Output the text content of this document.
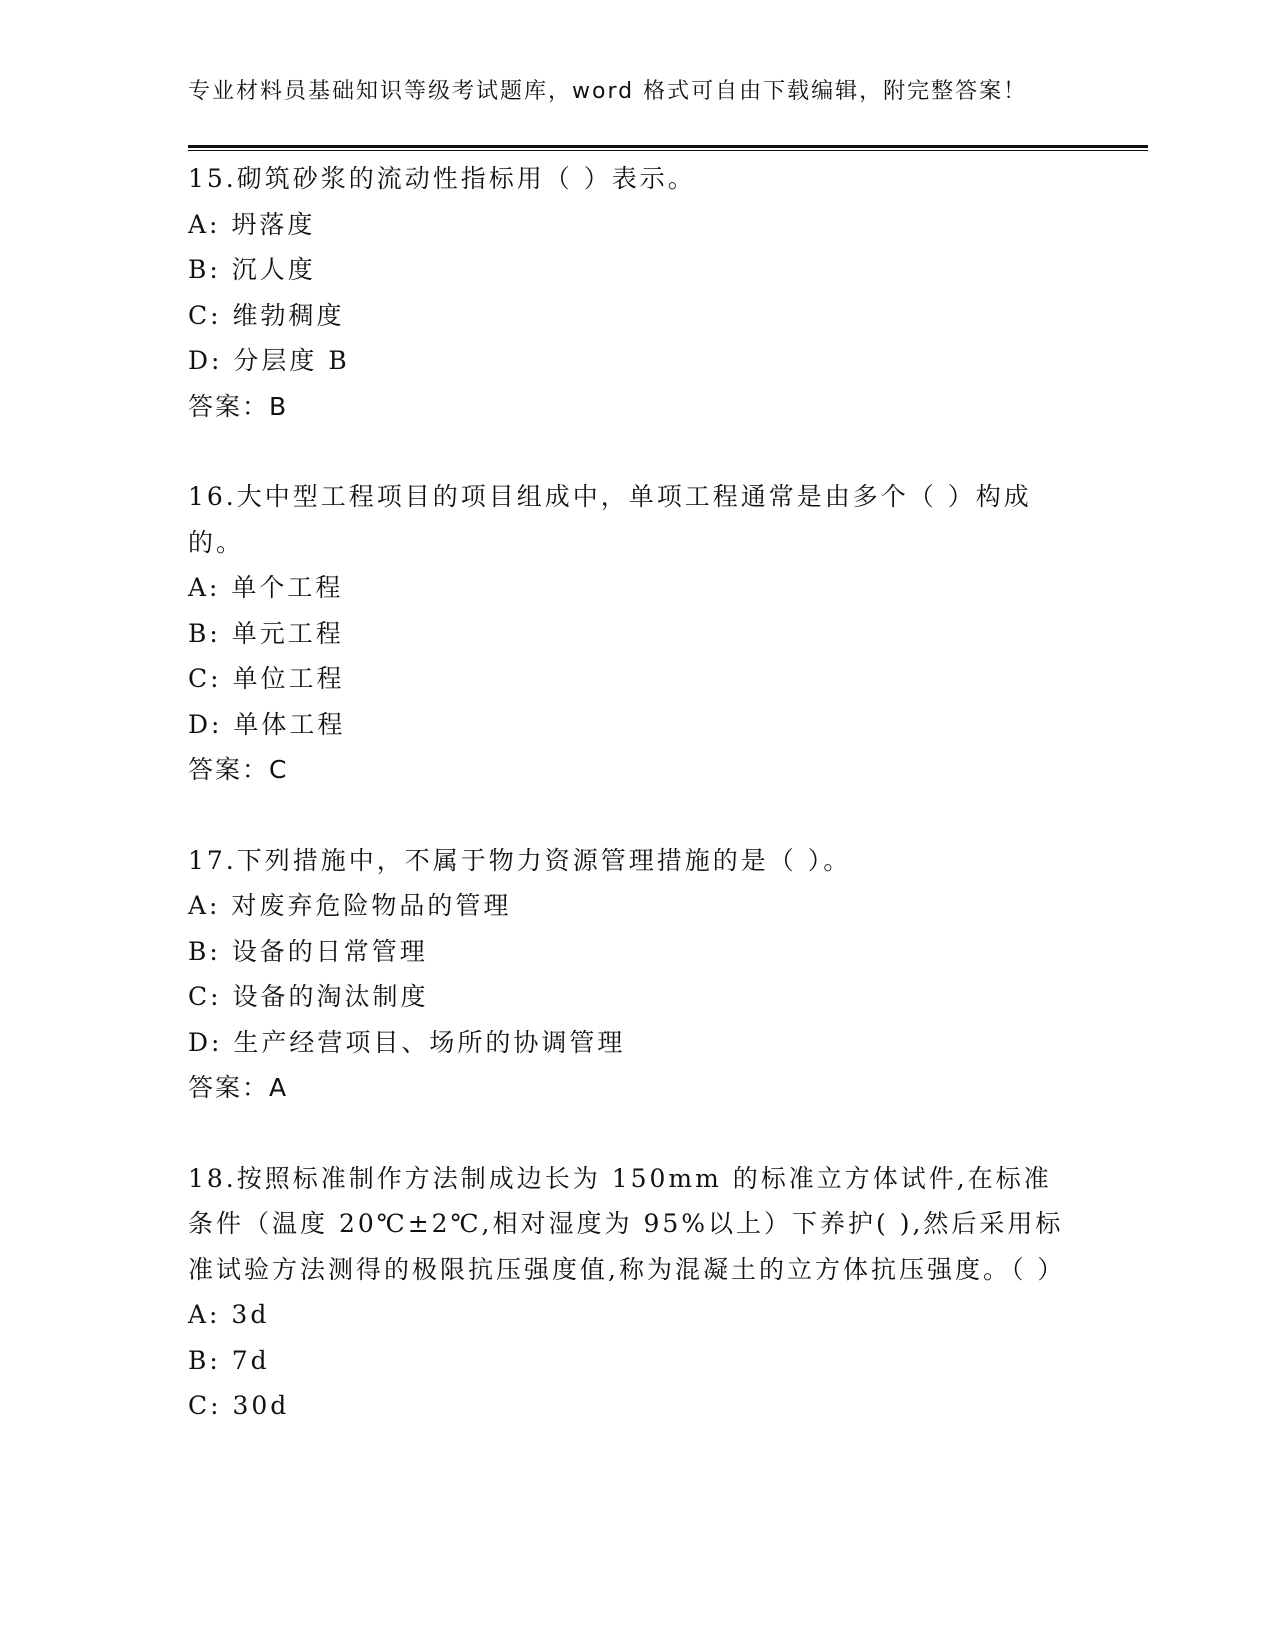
专业材料员基础知识等级考试题库，word 格式可自由下载编辑，附完整答案！
15.砌筑砂浆的流动性指标用（ ）表示。
A: 坍落度
B: 沉人度
C: 维勃稠度
D: 分层度 B
答案：B
16.大中型工程项目的项目组成中，单项工程通常是由多个（ ）构成的。
A: 单个工程
B: 单元工程
C: 单位工程
D: 单体工程
答案：C
17.下列措施中，不属于物力资源管理措施的是（ ）。
A: 对废弃危险物品的管理
B: 设备的日常管理
C: 设备的淘汰制度
D: 生产经营项目、场所的协调管理
答案：A
18.按照标准制作方法制成边长为 150mm 的标准立方体试件,在标准条件（温度 20℃±2℃,相对湿度为 95%以上）下养护( ),然后采用标准试验方法测得的极限抗压强度值,称为混凝土的立方体抗压强度。（ ）
A: 3d
B: 7d
C: 30d
